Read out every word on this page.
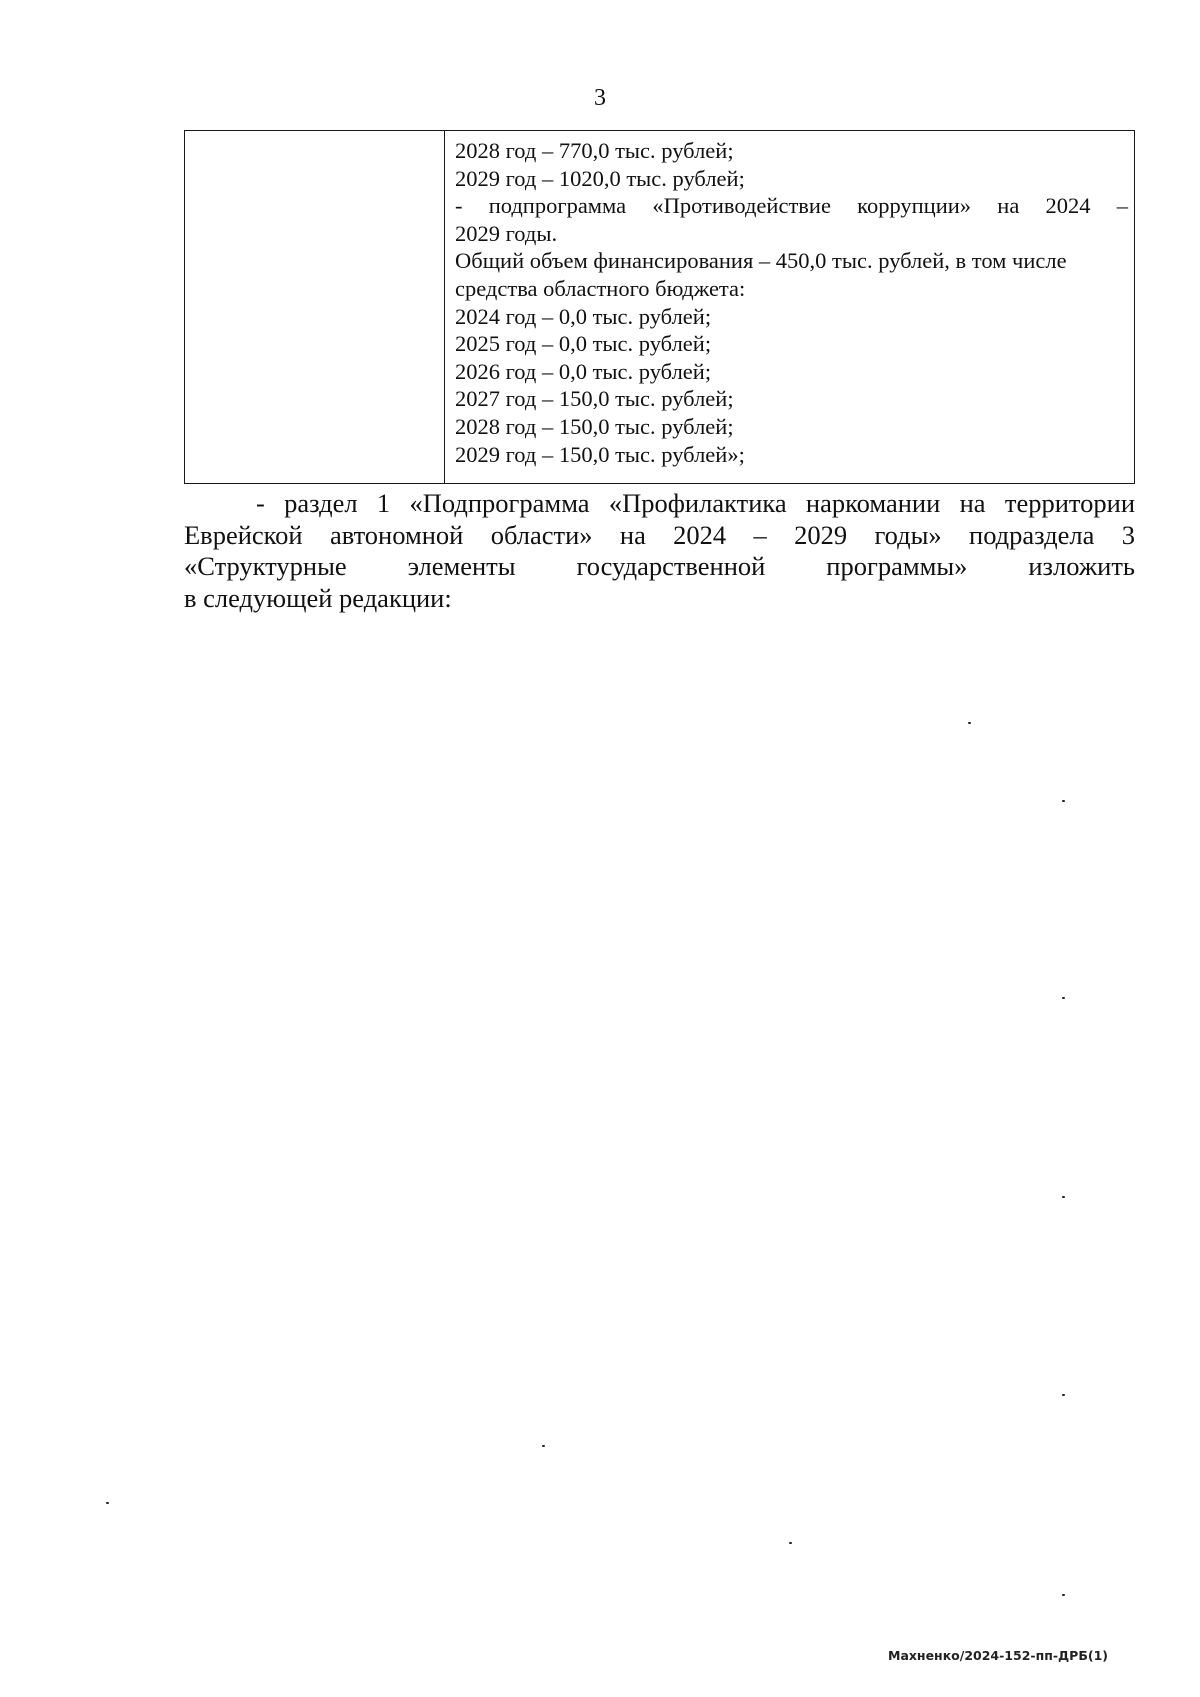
3

2028 год – 770,0 тыс. рублей;
2029 год – 1020,0 тыс. рублей;
- подпрограмма «Противодействие коррупции» на 2024 –
2029 годы.
Общий объем финансирования – 450,0 тыс. рублей, в том числе
средства областного бюджета:
2024 год – 0,0 тыс. рублей;
2025 год – 0,0 тыс. рублей;
2026 год – 0,0 тыс. рублей;
2027 год – 150,0 тыс. рублей;
2028 год – 150,0 тыс. рублей;
2029 год – 150,0 тыс. рублей»;
- раздел 1 «Подпрограмма «Профилактика наркомании на территории
Еврейской автономной области» на 2024 – 2029 годы» подраздела 3
«Структурные элементы государственной программы» изложить
в следующей редакции:
Махненко/2024-152-пп-ДРБ(1)
